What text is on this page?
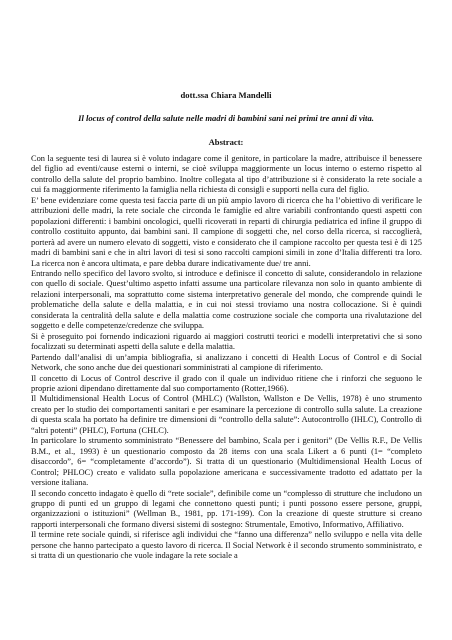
dott.ssa Chiara Mandelli
Il locus of control della salute nelle madri di bambini sani nei primi tre anni di vita.
Abstract:

Con la seguente tesi di laurea si è voluto indagare come il genitore, in particolare la madre, attribuisce il benessere del figlio ad eventi/cause esterni o interni, se cioè sviluppa maggiormente un locus interno o esterno rispetto al controllo della salute del proprio bambino. Inoltre collegata al tipo d’attribuzione si è considerato la rete sociale a cui fa maggiormente riferimento la famiglia nella richiesta di consigli e supporti nella cura del figlio.

E’ bene evidenziare come questa tesi faccia parte di un più ampio lavoro di ricerca che ha l’obiettivo di verificare le attribuzioni delle madri, la rete sociale che circonda le famiglie ed altre variabili confrontando questi aspetti con popolazioni differenti: i bambini oncologici, quelli ricoverati in reparti di chirurgia pediatrica ed infine il gruppo di controllo costituito appunto, dai bambini sani. Il campione di soggetti che, nel corso della ricerca, si raccoglierà, porterà ad avere un numero elevato di soggetti, visto e considerato che il campione raccolto per questa tesi è di 125 madri di bambini sani e che in altri lavori di tesi si sono raccolti campioni simili in zone d’Italia differenti tra loro. La ricerca non è ancora ultimata, e pare debba durare indicativamente due/ tre anni.

Entrando nello specifico del lavoro svolto, si introduce e definisce il concetto di salute, considerandolo in relazione con quello di sociale. Quest’ultimo aspetto infatti assume una particolare rilevanza non solo in quanto ambiente di relazioni interpersonali, ma soprattutto come sistema interpretativo generale del mondo, che comprende quindi le problematiche della salute e della malattia, e in cui noi stessi troviamo una nostra collocazione. Si è quindi considerata la centralità della salute e della malattia come costruzione sociale che comporta una rivalutazione del soggetto e delle competenze/credenze che sviluppa.

Si è proseguito poi fornendo indicazioni riguardo ai maggiori costrutti teorici e modelli interpretativi che si sono focalizzati su determinati aspetti della salute e della malattia.

Partendo dall’analisi di un’ampia bibliografia, si analizzano i concetti di Health Locus of Control e di Social Network, che sono anche due dei questionari somministrati al campione di riferimento.

Il concetto di Locus of Control descrive il grado con il quale un individuo ritiene che i rinforzi che seguono le proprie azioni dipendano direttamente dal suo comportamento (Rotter,1966).

Il Multidimensional Health Locus of Control (MHLC) (Wallston, Wallston e De Vellis, 1978) è uno strumento creato per lo studio dei comportamenti sanitari e per esaminare la percezione di controllo sulla salute. La creazione di questa scala ha portato ha definire tre dimensioni di “controllo della salute”: Autocontrollo (IHLC), Controllo di “altri potenti” (PHLC), Fortuna (CHLC).

In particolare lo strumento somministrato “Benessere del bambino, Scala per i genitori” (De Vellis R.F., De Vellis B.M., et al., 1993) è un questionario composto da 28 items con una scala Likert a 6 punti (1= “completo disaccordo”, 6= “completamente d’accordo”). Si tratta di un questionario (Multidimensional Health Locus of Control; PHLOC) creato e validato sulla popolazione americana e successivamente tradotto ed adattato per la versione italiana.

Il secondo concetto indagato è quello di “rete sociale”, definibile come un “complesso di strutture che includono un gruppo di punti ed un gruppo di legami che connettono questi punti; i punti possono essere persone, gruppi, organizzazioni o istituzioni” (Wellman B., 1981, pp. 171-199). Con la creazione di queste strutture si creano rapporti interpersonali che formano diversi sistemi di sostegno: Strumentale, Emotivo, Informativo, Affiliativo.

Il termine rete sociale quindi, si riferisce agli individui che “fanno una differenza” nello sviluppo e nella vita delle persone che hanno partecipato a questo lavoro di ricerca. Il Social Network è il secondo strumento somministrato, e si tratta di un questionario che vuole indagare la rete sociale a
